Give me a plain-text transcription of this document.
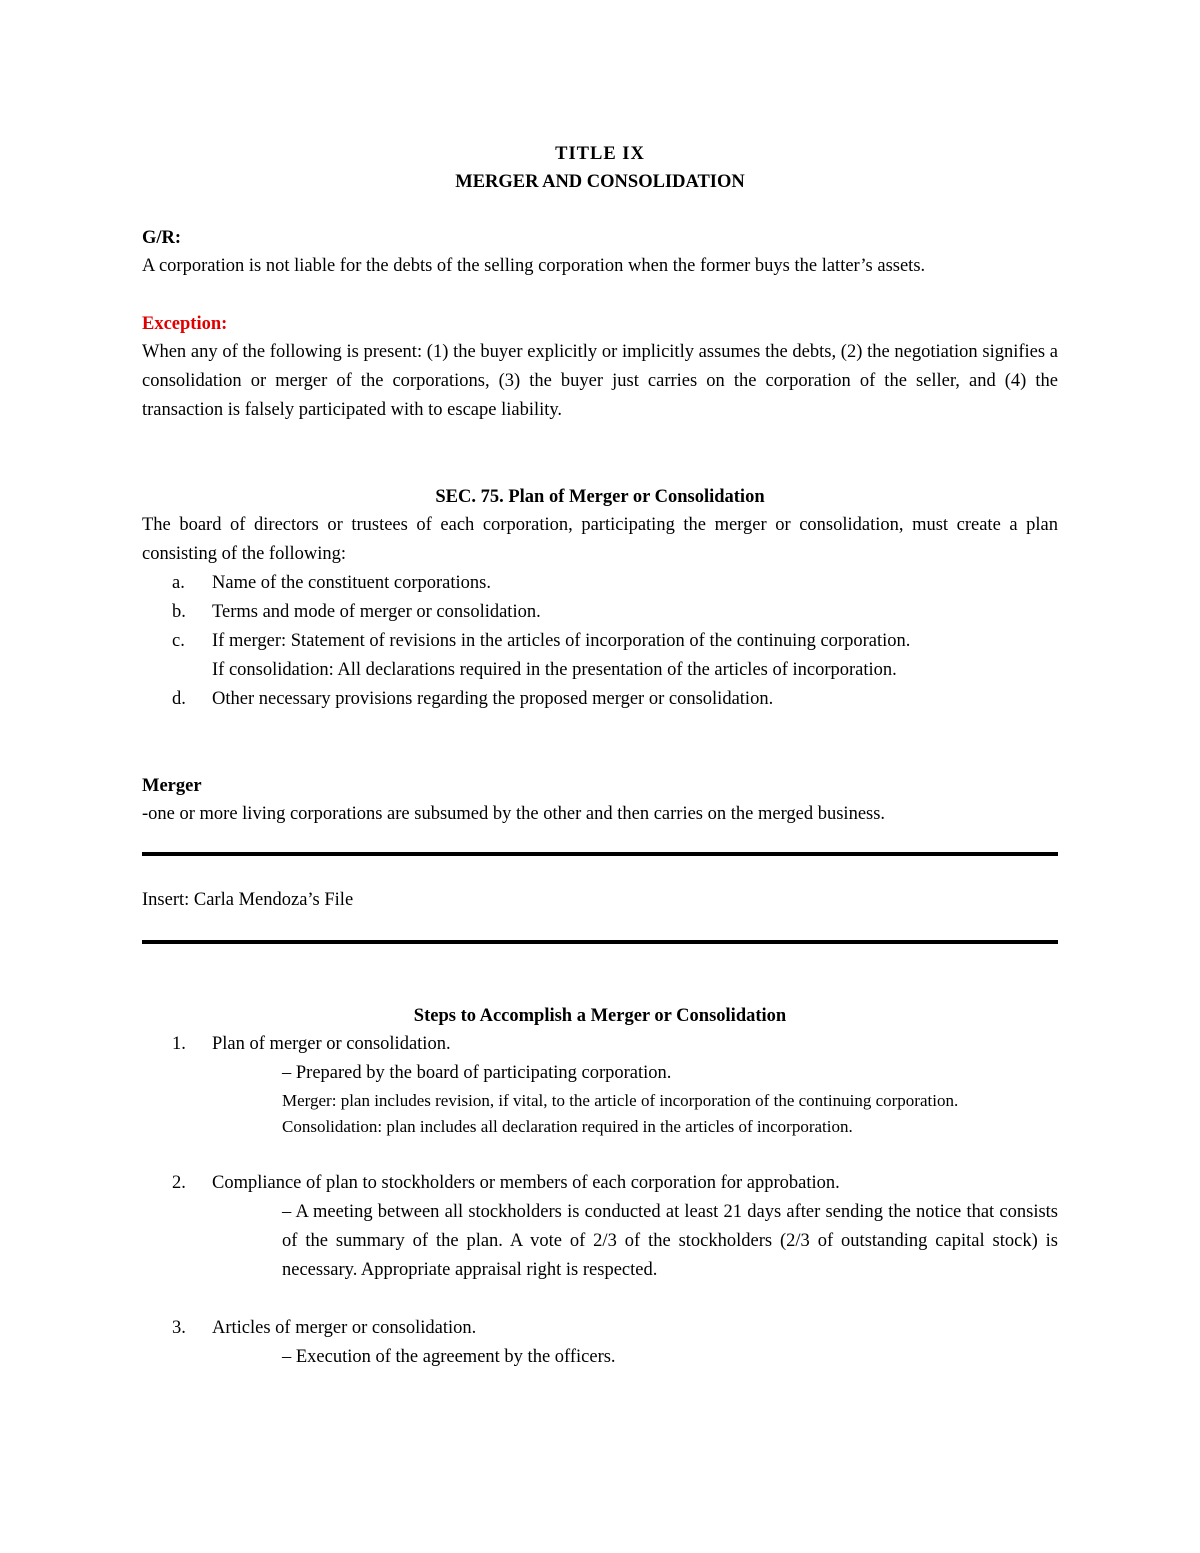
TITLE IX

MERGER AND CONSOLIDATION

G/R:

A corporation is not liable for the debts of the selling corporation when the former buys the latter’s assets.

Exception:

When any of the following is present: (1) the buyer explicitly or implicitly assumes the debts, (2) the negotiation signifies a consolidation or merger of the corporations, (3) the buyer just carries on the corporation of the seller, and (4) the transaction is falsely participated with to escape liability.

SEC. 75. Plan of Merger or Consolidation

The board of directors or trustees of each corporation, participating the merger or consolidation, must create a plan consisting of the following:

a. Name of the constituent corporations.
b. Terms and mode of merger or consolidation.
c. If merger: Statement of revisions in the articles of incorporation of the continuing corporation.
If consolidation: All declarations required in the presentation of the articles of incorporation.
d. Other necessary provisions regarding the proposed merger or consolidation.

Merger

-one or more living corporations are subsumed by the other and then carries on the merged business.

Insert: Carla Mendoza’s File

Steps to Accomplish a Merger or Consolidation

1. Plan of merger or consolidation.
– Prepared by the board of participating corporation.
Merger: plan includes revision, if vital, to the article of incorporation of the continuing corporation.
Consolidation: plan includes all declaration required in the articles of incorporation.
2. Compliance of plan to stockholders or members of each corporation for approbation.
– A meeting between all stockholders is conducted at least 21 days after sending the notice that consists of the summary of the plan. A vote of 2/3 of the stockholders (2/3 of outstanding capital stock) is necessary. Appropriate appraisal right is respected.
3. Articles of merger or consolidation.
– Execution of the agreement by the officers.
